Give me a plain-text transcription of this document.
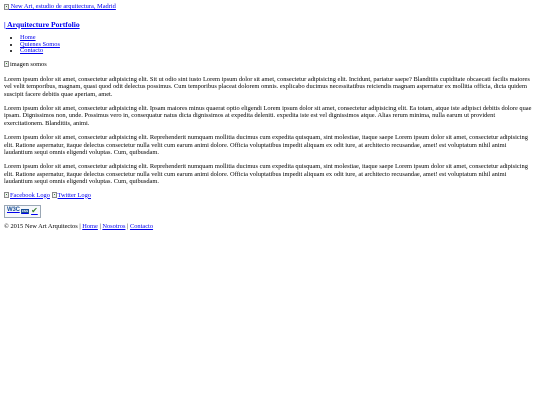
New Art, estudio de arquitectura, Madrid
| Arquitecture Portfolio
• Home
• Quienes Somos
• Contacto
imagen somos

Lorem ipsum dolor sit amet, consectetur adipisicing elit. Sit ut odio sint iusto Lorem ipsum dolor sit amet, consectetur adipisicing elit. Incidunt, pariatur saepe? Blanditiis cupiditate obcaecati facilis maiores vel velit temporibus, magnam, quasi quod odit delectus possimus. Cum temporibus placeat dolorem omnis. explicabo ducimus necessitatibus reiciendis magnam aspernatur ex mollitia officia, dicta quidem suscipit facere debitis quae aperiam, amet.

Lorem ipsum dolor sit amet, consectetur adipisicing elit. Ipsam maiores minus quaerat optio eligendi Lorem ipsum dolor sit amet, consectetur adipisicing elit. Ea totam, atque iste adipisci debitis dolore quae ipsam. Dignissimos non, unde. Possimus vero in, consequatur natus dicta dignissimos at expedita deleniti. expedita iste est vel dignissimos atque. Alias rerum minima, nulla earum ut provident exercitationem. Blanditiis, animi.

Lorem ipsum dolor sit amet, consectetur adipisicing elit. Reprehenderit numquam mollitia ducimus cum expedita quisquam, sint molestiae, itaque saepe Lorem ipsum dolor sit amet, consectetur adipisicing elit. Ratione aspernatur, itaque delectus consectetur nulla velit cum earum animi dolore. Officia voluptatibus impedit aliquam ex odit iure, at architecto recusandae, amet! est voluptatum nihil animi laudantium sequi omnis eligendi voluptas. Cum, quibusdam.

Lorem ipsum dolor sit amet, consectetur adipisicing elit. Reprehenderit numquam mollitia ducimus cum expedita quisquam, sint molestiae, itaque saepe Lorem ipsum dolor sit amet, consectetur adipisicing elit. Ratione aspernatur, itaque delectus consectetur nulla velit cum earum animi dolore. Officia voluptatibus impedit aliquam ex odit iure, at architecto recusandae, amet! est voluptatum nihil animi laudantium sequi omnis eligendi voluptas. Cum, quibusdam.

Facebook Logo
Twitter Logo
W3C css ✔
© 2015 New Art Arquitectos | Home | Nosotros | Contacto
